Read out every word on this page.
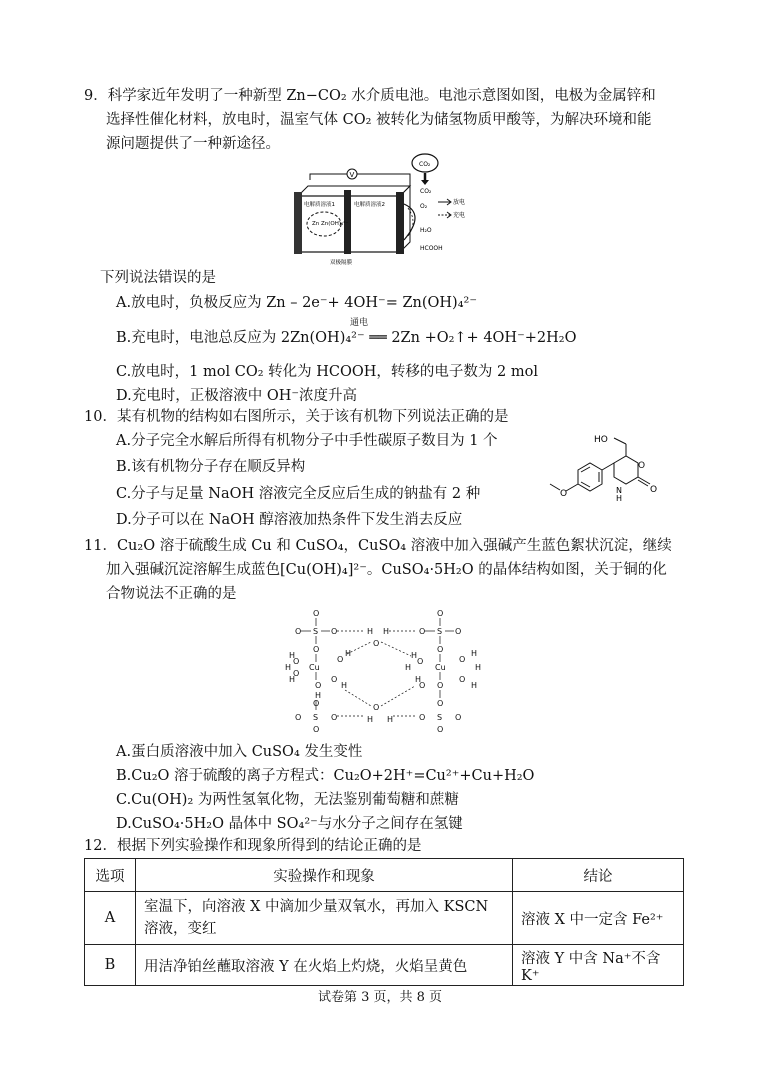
9．科学家近年发明了一种新型 Zn−CO₂ 水介质电池。电池示意图如图，电极为金属锌和
选择性催化材料，放电时，温室气体 CO₂ 被转化为储氢物质甲酸等，为解决环境和能
源问题提供了一种新途径。
CO₂
CO₂
V
电解质溶液1	电解质溶液2
Zn Zn(OH)₄²⁻
双极隔膜
O₂
H₂O
HCOOH
放电
充电
下列说法错误的是
A.放电时，负极反应为 Zn – 2e⁻+ 4OH⁻= Zn(OH)₄²⁻
B.充电时，电池总反应为 2Zn(OH)₄²⁻ ══ 2Zn +O₂↑+ 4OH⁻+2H₂O
通电
C.放电时，1 mol CO₂ 转化为 HCOOH，转移的电子数为 2 mol
D.充电时，正极溶液中 OH⁻浓度升高
10．某有机物的结构如右图所示，关于该有机物下列说法正确的是
A.分子完全水解后所得有机物分子中手性碳原子数目为 1 个
B.该有机物分子存在顺反异构
C.分子与足量 NaOH 溶液完全反应后生成的钠盐有 2 种
D.分子可以在 NaOH 醇溶液加热条件下发生消去反应
O
O
N
H
O
HO
11．Cu₂O 溶于硫酸生成 Cu 和 CuSO₄，CuSO₄ 溶液中加入强碱产生蓝色絮状沉淀，继续
加入强碱沉淀溶解生成蓝色[Cu(OH)₄]²⁻。CuSO₄·5H₂O 的晶体结构如图，关于铜的化
合物说法不正确的是
O
S
O	O
O
Cu
H
O
H
H
O
O
H
O
H
O
H
O
S
O	O
O
H
O
H
H
O
H
O
S
O	O
O
Cu
H
O
H
H
O
O
H
H
O
H
O
O
S
O	O
O
A.蛋白质溶液中加入 CuSO₄ 发生变性
B.Cu₂O 溶于硫酸的离子方程式：Cu₂O+2H⁺=Cu²⁺+Cu+H₂O
C.Cu(OH)₂ 为两性氢氧化物，无法鉴别葡萄糖和蔗糖
D.CuSO₄·5H₂O 晶体中 SO₄²⁻与水分子之间存在氢键
12．根据下列实验操作和现象所得到的结论正确的是
选项	实验操作和现象	结论
A	室温下，向溶液 X 中滴加少量双氧水，再加入 KSCN
溶液，变红	溶液 X 中一定含 Fe²⁺
B	用洁净铂丝蘸取溶液 Y 在火焰上灼烧，火焰呈黄色	溶液 Y 中含 Na⁺不含 K⁺
试卷第 3 页，共 8 页
